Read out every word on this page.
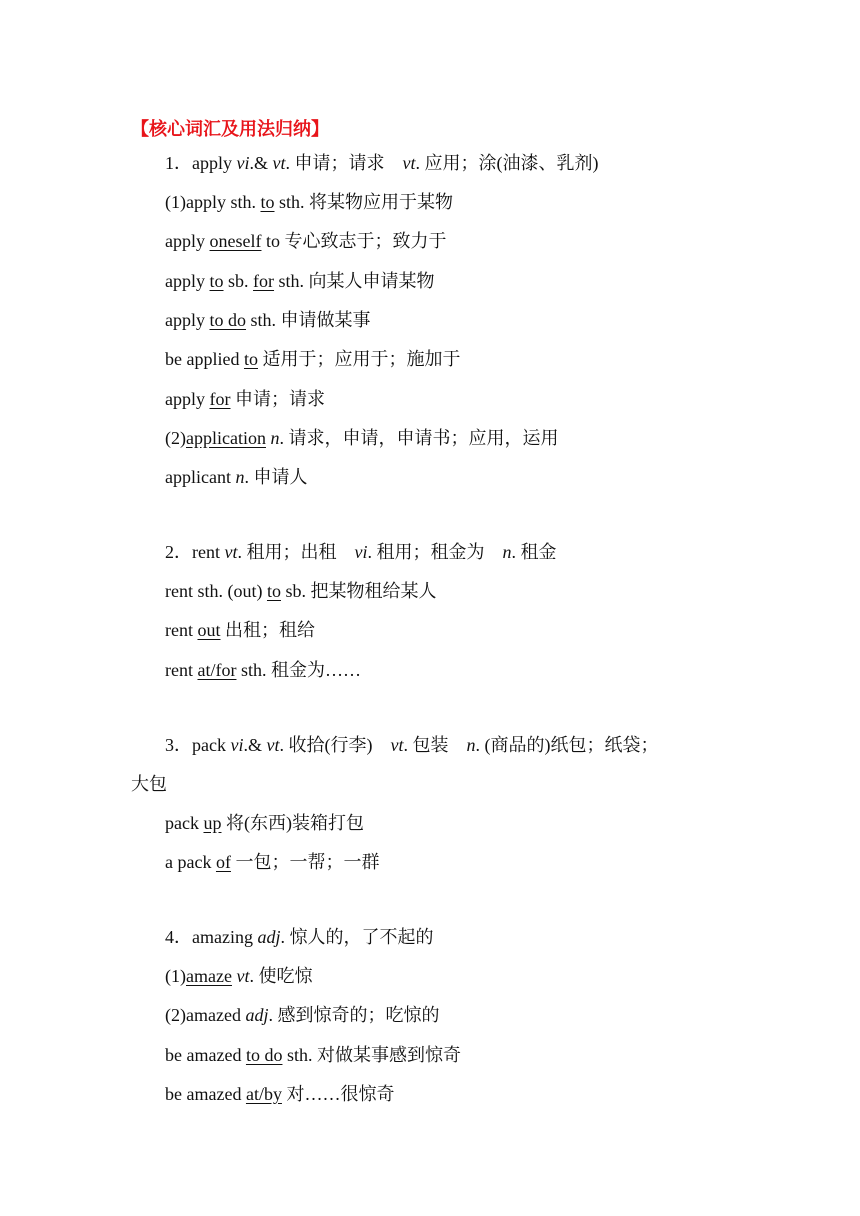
【核心词汇及用法归纳】
1．apply vi.& vt. 申请；请求 vt. 应用；涂(油漆、乳剂)
(1)apply sth. to sth. 将某物应用于某物
apply oneself to 专心致志于；致力于
apply to sb. for sth. 向某人申请某物
apply to do sth. 申请做某事
be applied to 适用于；应用于；施加于
apply for 申请；请求
(2)application n. 请求，申请，申请书；应用，运用
applicant n. 申请人
2．rent vt. 租用；出租 vi. 租用；租金为 n. 租金
rent sth. (out) to sb. 把某物租给某人
rent out 出租；租给
rent at/for sth. 租金为……
3．pack vi.& vt. 收拾(行李) vt. 包装 n. (商品的)纸包；纸袋；
大包
pack up 将(东西)装箱打包
a pack of 一包；一帮；一群
4．amazing adj. 惊人的，了不起的
(1)amaze vt. 使吃惊
(2)amazed adj. 感到惊奇的；吃惊的
be amazed to do sth. 对做某事感到惊奇
be amazed at/by 对……很惊奇
